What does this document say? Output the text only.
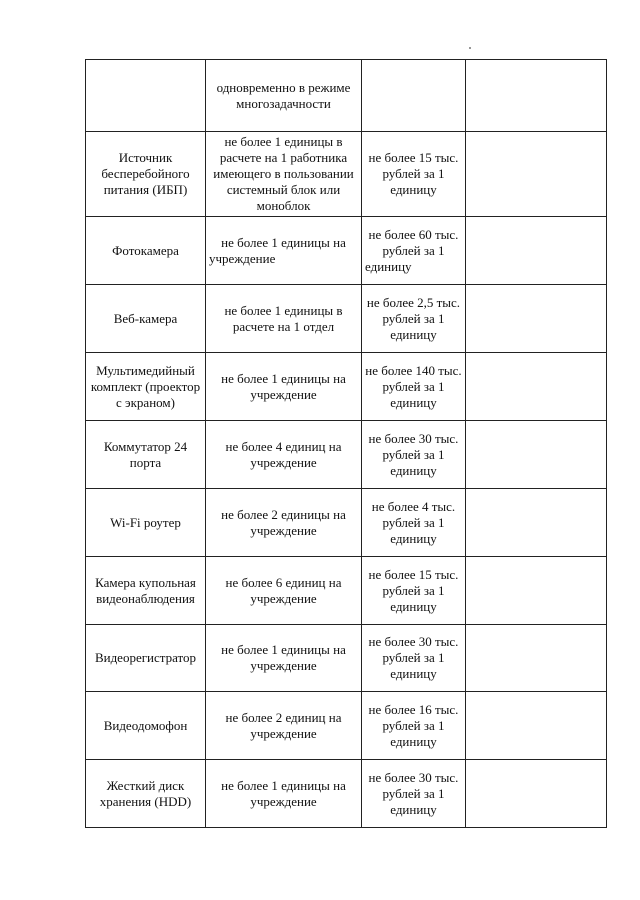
	одновременно в режиме многозадачности		
Источник бесперебойного питания (ИБП)	не более 1 единицы в расчете на 1 работника имеющего в пользовании системный блок или моноблок	не более 15 тыс. рублей за 1 единицу	
Фотокамера	не более 1 единицы на учреждение	не более 60 тыс. рублей за 1 единицу	
Веб-камера	не более 1 единицы в расчете на 1 отдел	не более 2,5 тыс. рублей за 1 единицу	
Мультимедийный комплект (проектор с экраном)	не более 1 единицы на учреждение	не более 140 тыс. рублей за 1 единицу	
Коммутатор 24 порта	не более 4 единиц на учреждение	не более 30 тыс. рублей за 1 единицу	
Wi-Fi роутер	не более 2 единицы на учреждение	не более 4 тыс. рублей за 1 единицу	
Камера купольная видеонаблюдения	не более 6 единиц на учреждение	не более 15 тыс. рублей за 1 единицу	
Видеорегистратор	не более 1 единицы на учреждение	не более 30 тыс. рублей за 1 единицу	
Видеодомофон	не более 2 единиц на учреждение	не более 16 тыс. рублей за 1 единицу	
Жесткий диск хранения (HDD)	не более 1 единицы на учреждение	не более 30 тыс. рублей за 1 единицу	
